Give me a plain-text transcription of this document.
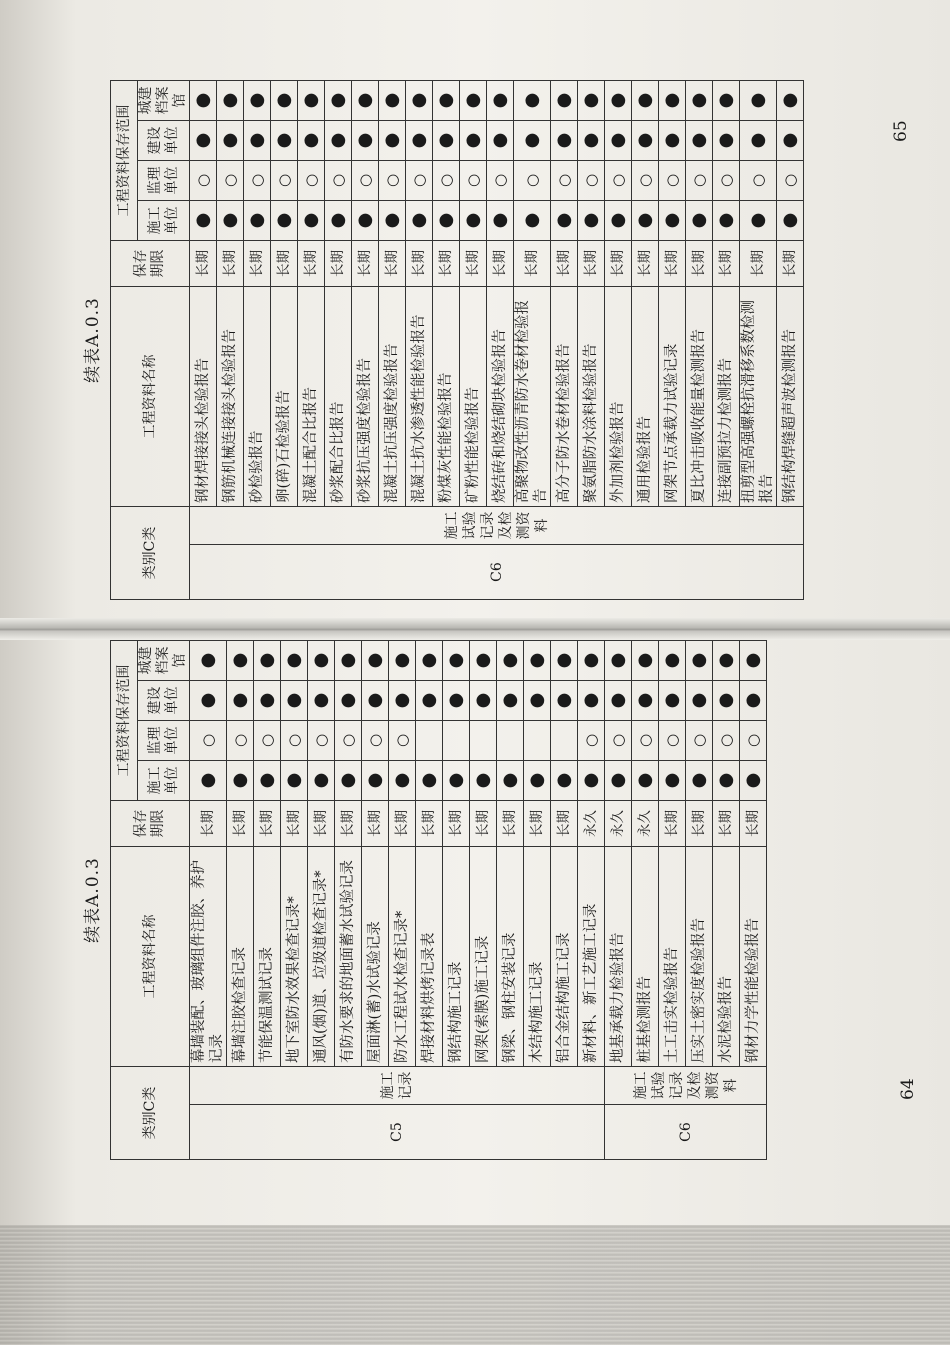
续表A.0.3
类别C类		工程资料名称	保存期限	工程资料保存范围			
				施工单位	监理单位	建设单位	城建档案馆
C6	施工试验记录及检测资料	钢材焊接接头检验报告	长期	●	○	●	●
		钢筋机械连接接头检验报告	长期	●	○	●	●
		砂检验报告	长期	●	○	●	●
		卵(碎)石检验报告	长期	●	○	●	●
		混凝土配合比报告	长期	●	○	●	●
		砂浆配合比报告	长期	●	○	●	●
		砂浆抗压强度检验报告	长期	●	○	●	●
		混凝土抗压强度检验报告	长期	●	○	●	●
		混凝土抗水渗透性能检验报告	长期	●	○	●	●
		粉煤灰性能检验报告	长期	●	○	●	●
		矿粉性能检验报告	长期	●	○	●	●
		烧结砖和烧结砌块检验报告	长期	●	○	●	●
		高聚物改性沥青防水卷材检验报告	长期	●	○	●	●
		高分子防水卷材检验报告	长期	●	○	●	●
		聚氨脂防水涂料检验报告	长期	●	○	●	●
		外加剂检验报告	长期	●	○	●	●
		通用检验报告	长期	●	○	●	●
		网架节点承载力试验记录	长期	●	○	●	●
		夏比冲击吸收能量检测报告	长期	●	○	●	●
		连接副预拉力检测报告	长期	●	○	●	●
		扭剪型高强螺栓抗滑移系数检测报告	长期	●	○	●	●
		钢结构焊缝超声波检测报告	长期	●	○	●	●
65
续表A.0.3
类别C类		工程资料名称	保存期限	工程资料保存范围			
				施工单位	监理单位	建设单位	城建档案馆
C5	施工记录	幕墙装配、玻璃组件注胶、养护记录	长期	●	○	●	●
		幕墙注胶检查记录	长期	●	○	●	●
		节能保温测试记录	长期	●	○	●	●
		地下室防水效果检查记录*	长期	●	○	●	●
		通风(烟)道、垃圾道检查记录*	长期	●	○	●	●
		有防水要求的地面蓄水试验记录	长期	●	○	●	●
		屋面淋(蓄)水试验记录	长期	●	○	●	●
		防水工程试水检查记录*	长期	●	○	●	●
		焊接材料烘烤记录表	长期	●		●	●
		钢结构施工记录	长期	●		●	●
		网架(索膜)施工记录	长期	●		●	●
		钢梁、钢柱安装记录	长期	●		●	●
		木结构施工记录	长期	●		●	●
		铝合金结构施工记录	长期	●		●	●
		新材料、新工艺施工记录	永久	●	○	●	●
C6	施工试验记录及检测资料	地基承载力检验报告	永久	●	○	●	●
		桩基检测报告	永久	●	○	●	●
		土工击实检验报告	长期	●	○	●	●
		压实土密实度检验报告	长期	●	○	●	●
		水泥检验报告	长期	●	○	●	●
		钢材力学性能检验报告	长期	●	○	●	●
64
